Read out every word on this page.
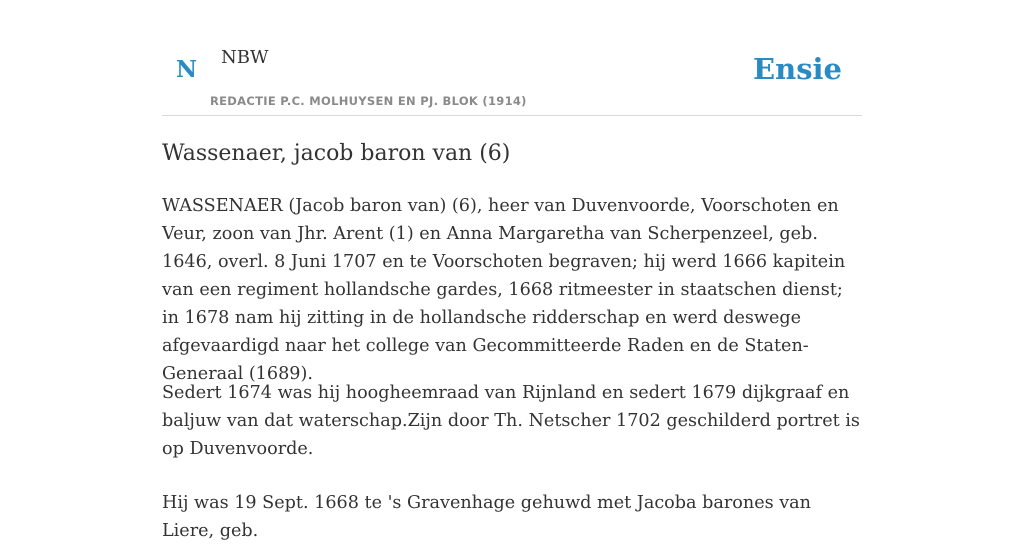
N NBW
REDACTIE P.C. MOLHUYSEN EN PJ. BLOK (1914)
Ensie
Wassenaer, jacob baron van (6)

WASSENAER (Jacob baron van) (6), heer van Duvenvoorde, Voorschoten en Veur, zoon van Jhr. Arent (1) en Anna Margaretha van Scherpenzeel, geb. 1646, overl. 8 Juni 1707 en te Voorschoten begraven; hij werd 1666 kapitein van een regiment hollandsche gardes, 1668 ritmeester in staatschen dienst; in 1678 nam hij zitting in de hollandsche ridderschap en werd deswege afgevaardigd naar het college van Gecommitteerde Raden en de Staten-Generaal (1689).

Sedert 1674 was hij hoogheemraad van Rijnland en sedert 1679 dijkgraaf en baljuw van dat waterschap.Zijn door Th. Netscher 1702 geschilderd portret is op Duvenvoorde.

Hij was 19 Sept. 1668 te 's Gravenhage gehuwd met Jacoba barones van Liere, geb.
